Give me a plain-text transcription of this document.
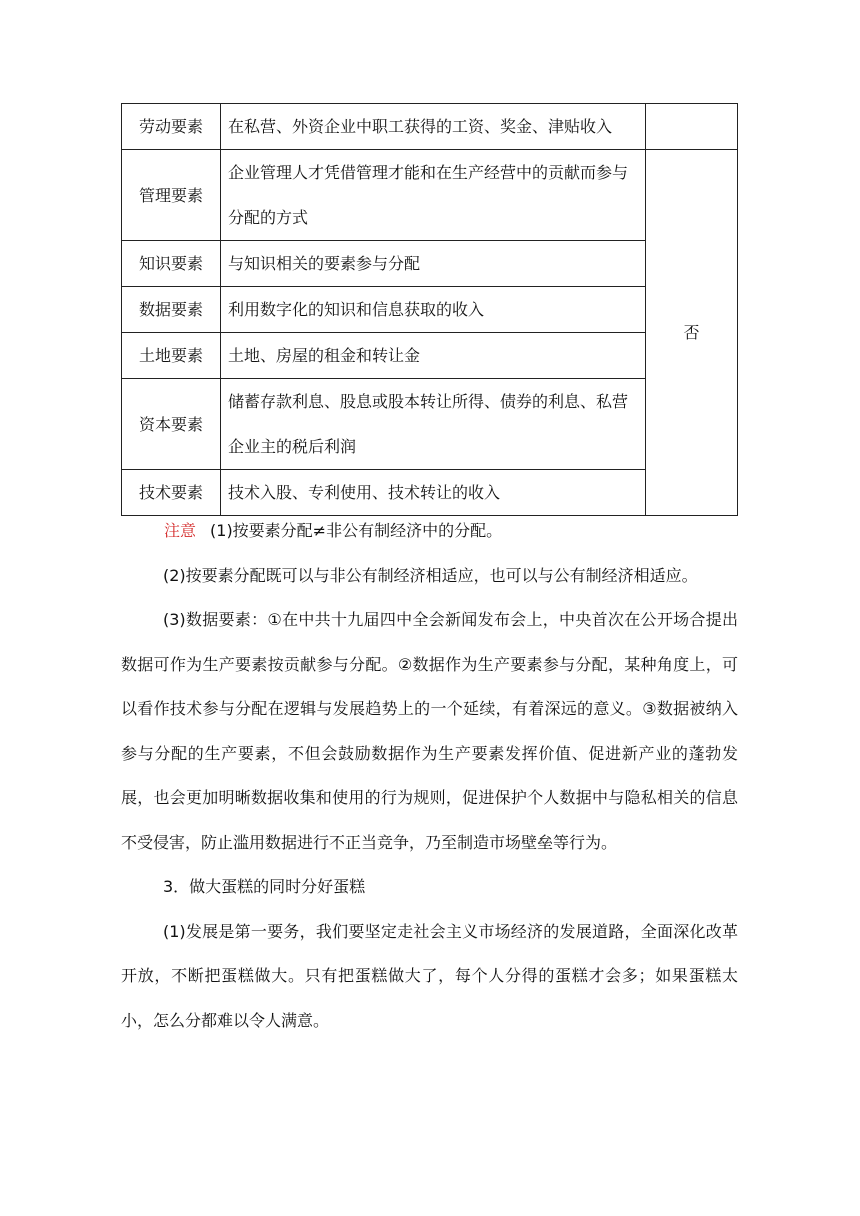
劳动要素	在私营、外资企业中职工获得的工资、奖金、津贴收入	
管理要素	企业管理人才凭借管理才能和在生产经营中的贡献而参与分配的方式	否
知识要素	与知识相关的要素参与分配	
数据要素	利用数字化的知识和信息获取的收入	
土地要素	土地、房屋的租金和转让金	
资本要素	储蓄存款利息、股息或股本转让所得、债券的利息、私营企业主的税后利润	
技术要素	技术入股、专利使用、技术转让的收入	

注意 (1)按要素分配≠非公有制经济中的分配。

(2)按要素分配既可以与非公有制经济相适应，也可以与公有制经济相适应。

(3)数据要素：①在中共十九届四中全会新闻发布会上，中央首次在公开场合提出数据可作为生产要素按贡献参与分配。②数据作为生产要素参与分配，某种角度上，可以看作技术参与分配在逻辑与发展趋势上的一个延续，有着深远的意义。③数据被纳入参与分配的生产要素，不但会鼓励数据作为生产要素发挥价值、促进新产业的蓬勃发展，也会更加明晰数据收集和使用的行为规则，促进保护个人数据中与隐私相关的信息不受侵害，防止滥用数据进行不正当竞争，乃至制造市场壁垒等行为。

3．做大蛋糕的同时分好蛋糕

(1)发展是第一要务，我们要坚定走社会主义市场经济的发展道路，全面深化改革开放，不断把蛋糕做大。只有把蛋糕做大了，每个人分得的蛋糕才会多；如果蛋糕太小，怎么分都难以令人满意。
